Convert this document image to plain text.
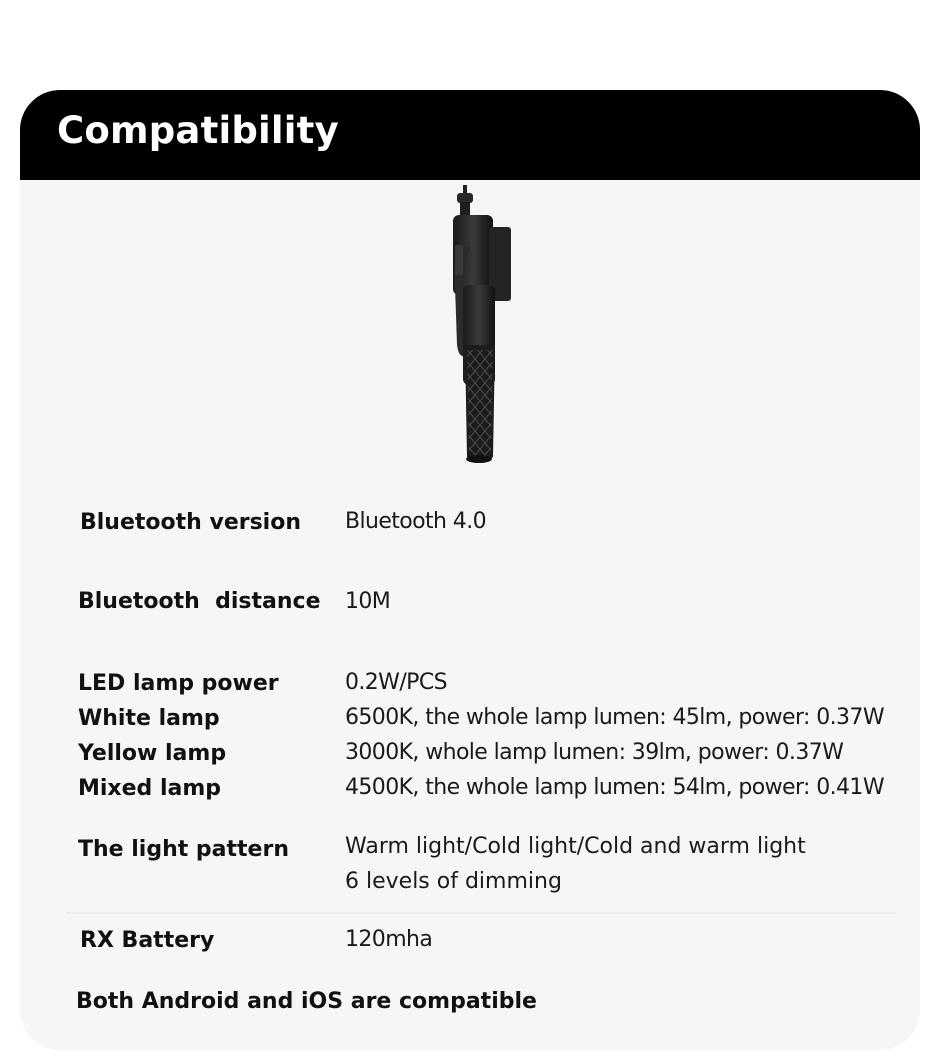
Compatibility
Bluetooth version Bluetooth 4.0
Bluetooth  distance 10M
LED lamp power	0.2W/PCS
White lamp	6500K, the whole lamp lumen: 45lm, power: 0.37W
Yellow lamp	3000K, whole lamp lumen: 39lm, power: 0.37W
Mixed lamp	4500K, the whole lamp lumen: 54lm, power: 0.41W
The light pattern	Warm light/Cold light/Cold and warm light
6 levels of dimming
RX Battery	120mha
Both Android and iOS are compatible
